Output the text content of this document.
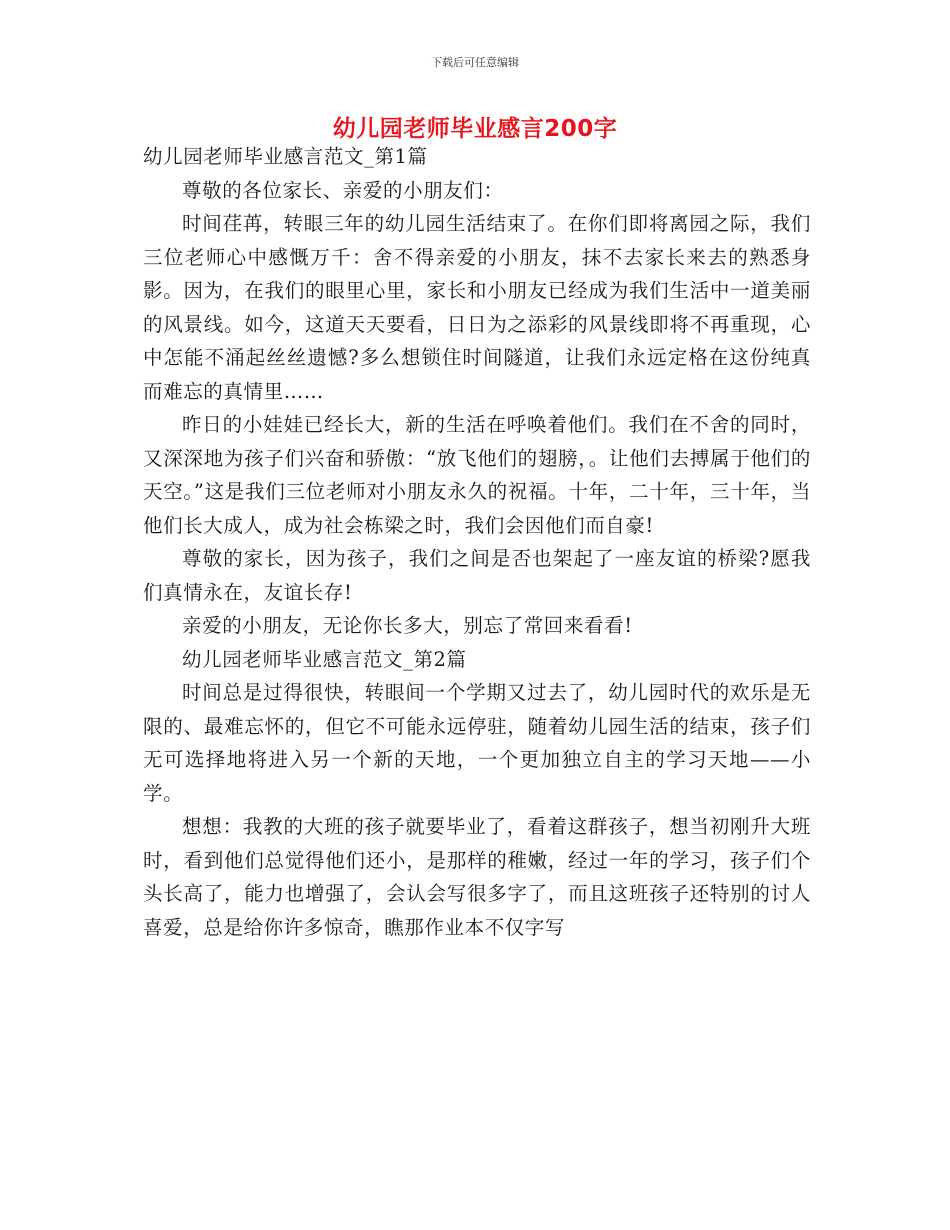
下载后可任意编辑
幼儿园老师毕业感言200字

幼儿园老师毕业感言范文_第1篇

尊敬的各位家长、亲爱的小朋友们：

时间荏苒，转眼三年的幼儿园生活结束了。在你们即将离园之际，我们三位老师心中感慨万千：舍不得亲爱的小朋友，抹不去家长来去的熟悉身影。因为，在我们的眼里心里，家长和小朋友已经成为我们生活中一道美丽的风景线。如今，这道天天要看，日日为之添彩的风景线即将不再重现，心中怎能不涌起丝丝遗憾?多么想锁住时间隧道，让我们永远定格在这份纯真而难忘的真情里……

昨日的小娃娃已经长大，新的生活在呼唤着他们。我们在不舍的同时，又深深地为孩子们兴奋和骄傲：“放飞他们的翅膀，。让他们去搏属于他们的天空。”这是我们三位老师对小朋友永久的祝福。十年，二十年，三十年，当他们长大成人，成为社会栋梁之时，我们会因他们而自豪!

尊敬的家长，因为孩子，我们之间是否也架起了一座友谊的桥梁?愿我们真情永在，友谊长存!

亲爱的小朋友，无论你长多大，别忘了常回来看看!

幼儿园老师毕业感言范文_第2篇

时间总是过得很快，转眼间一个学期又过去了，幼儿园时代的欢乐是无限的、最难忘怀的，但它不可能永远停驻，随着幼儿园生活的结束，孩子们无可选择地将进入另一个新的天地，一个更加独立自主的学习天地——小学。

想想：我教的大班的孩子就要毕业了，看着这群孩子，想当初刚升大班时，看到他们总觉得他们还小，是那样的稚嫩，经过一年的学习，孩子们个头长高了，能力也增强了，会认会写很多字了，而且这班孩子还特别的讨人喜爱，总是给你许多惊奇，瞧那作业本不仅字写
